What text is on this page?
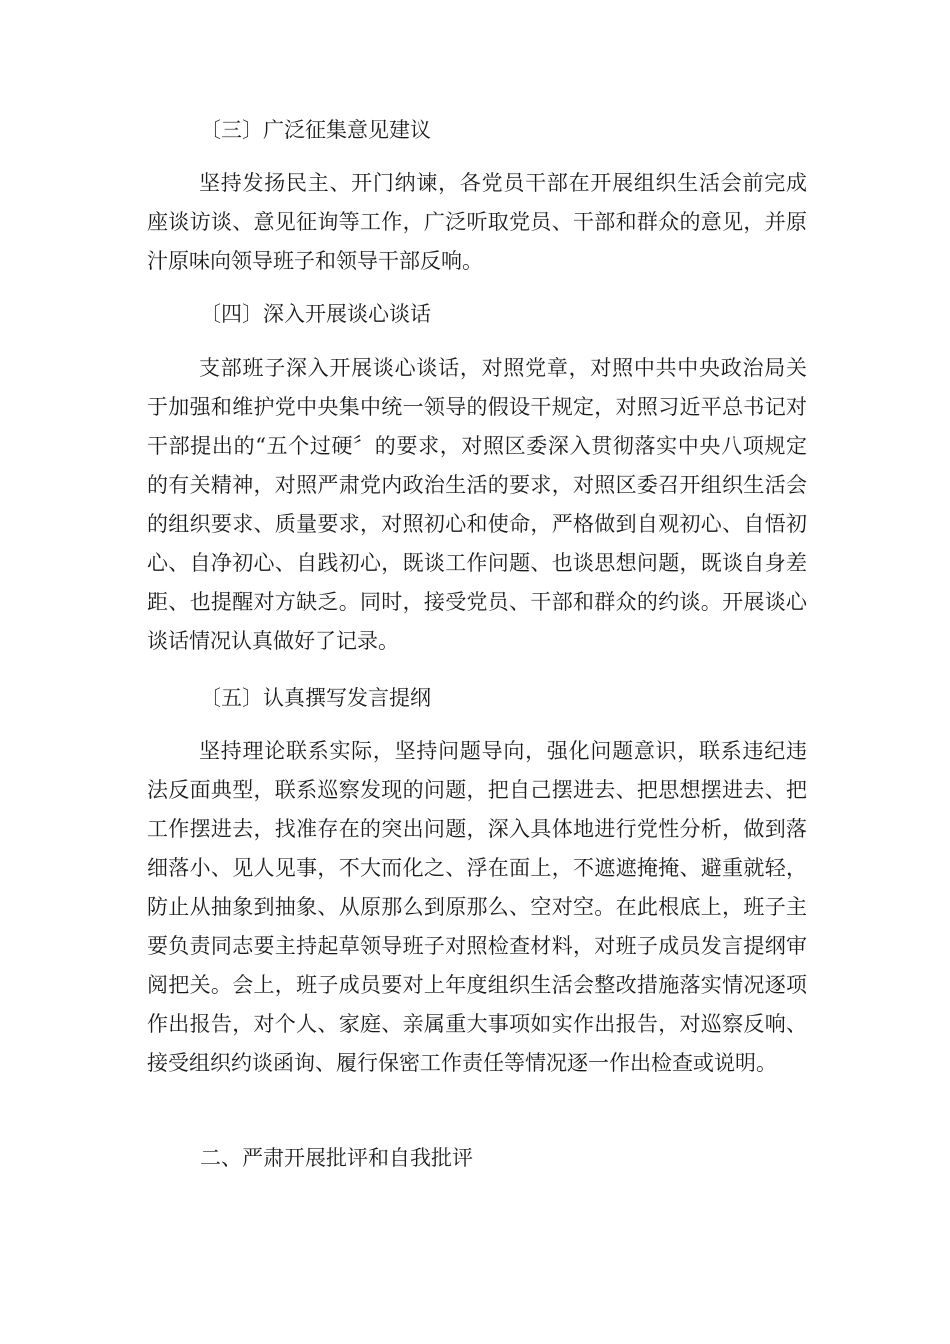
〔三〕广泛征集意见建议

坚持发扬民主、开门纳谏，各党员干部在开展组织生活会前完成座谈访谈、意见征询等工作，广泛听取党员、干部和群众的意见，并原汁原味向领导班子和领导干部反响。

〔四〕深入开展谈心谈话

支部班子深入开展谈心谈话，对照党章，对照中共中央政治局关于加强和维护党中央集中统一领导的假设干规定，对照习近平总书记对干部提出的“五个过硬〞的要求，对照区委深入贯彻落实中央八项规定的有关精神，对照严肃党内政治生活的要求，对照区委召开组织生活会的组织要求、质量要求，对照初心和使命，严格做到自观初心、自悟初心、自净初心、自践初心，既谈工作问题、也谈思想问题，既谈自身差距、也提醒对方缺乏。同时，接受党员、干部和群众的约谈。开展谈心谈话情况认真做好了记录。

〔五〕认真撰写发言提纲

坚持理论联系实际，坚持问题导向，强化问题意识，联系违纪违法反面典型，联系巡察发现的问题，把自己摆进去、把思想摆进去、把工作摆进去，找准存在的突出问题，深入具体地进行党性分析，做到落细落小、见人见事，不大而化之、浮在面上，不遮遮掩掩、避重就轻，防止从抽象到抽象、从原那么到原那么、空对空。在此根底上，班子主要负责同志要主持起草领导班子对照检查材料，对班子成员发言提纲审阅把关。会上，班子成员要对上年度组织生活会整改措施落实情况逐项作出报告，对个人、家庭、亲属重大事项如实作出报告，对巡察反响、接受组织约谈函询、履行保密工作责任等情况逐一作出检查或说明。

二、严肃开展批评和自我批评
